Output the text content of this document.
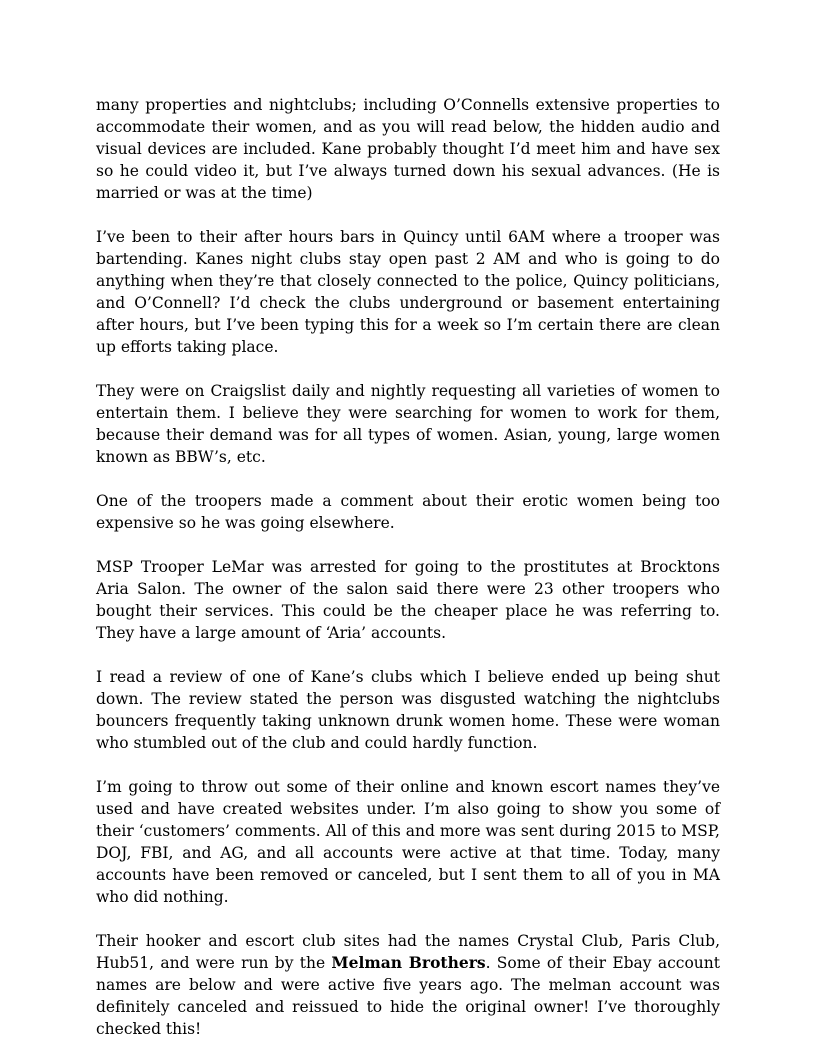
many properties and nightclubs; including O’Connells extensive properties to accommodate their women, and as you will read below, the hidden audio and visual devices are included. Kane probably thought I’d meet him and have sex so he could video it, but I’ve always turned down his sexual advances. (He is married or was at the time)

I’ve been to their after hours bars in Quincy until 6AM where a trooper was bartending. Kanes night clubs stay open past 2 AM and who is going to do anything when they’re that closely connected to the police, Quincy politicians, and O’Connell? I’d check the clubs underground or basement entertaining after hours, but I’ve been typing this for a week so I’m certain there are clean up efforts taking place.

They were on Craigslist daily and nightly requesting all varieties of women to entertain them. I believe they were searching for women to work for them, because their demand was for all types of women. Asian, young, large women known as BBW’s, etc.

One of the troopers made a comment about their erotic women being too expensive so he was going elsewhere.

MSP Trooper LeMar was arrested for going to the prostitutes at Brocktons Aria Salon. The owner of the salon said there were 23 other troopers who bought their services. This could be the cheaper place he was referring to. They have a large amount of ‘Aria’ accounts.

I read a review of one of Kane’s clubs which I believe ended up being shut down. The review stated the person was disgusted watching the nightclubs bouncers frequently taking unknown drunk women home. These were woman who stumbled out of the club and could hardly function.

I’m going to throw out some of their online and known escort names they’ve used and have created websites under. I’m also going to show you some of their ‘customers’ comments. All of this and more was sent during 2015 to MSP, DOJ, FBI, and AG, and all accounts were active at that time. Today, many accounts have been removed or canceled, but I sent them to all of you in MA who did nothing.

Their hooker and escort club sites had the names Crystal Club, Paris Club, Hub51, and were run by the Melman Brothers. Some of their Ebay account names are below and were active five years ago. The melman account was definitely canceled and reissued to hide the original owner! I’ve thoroughly checked this!
